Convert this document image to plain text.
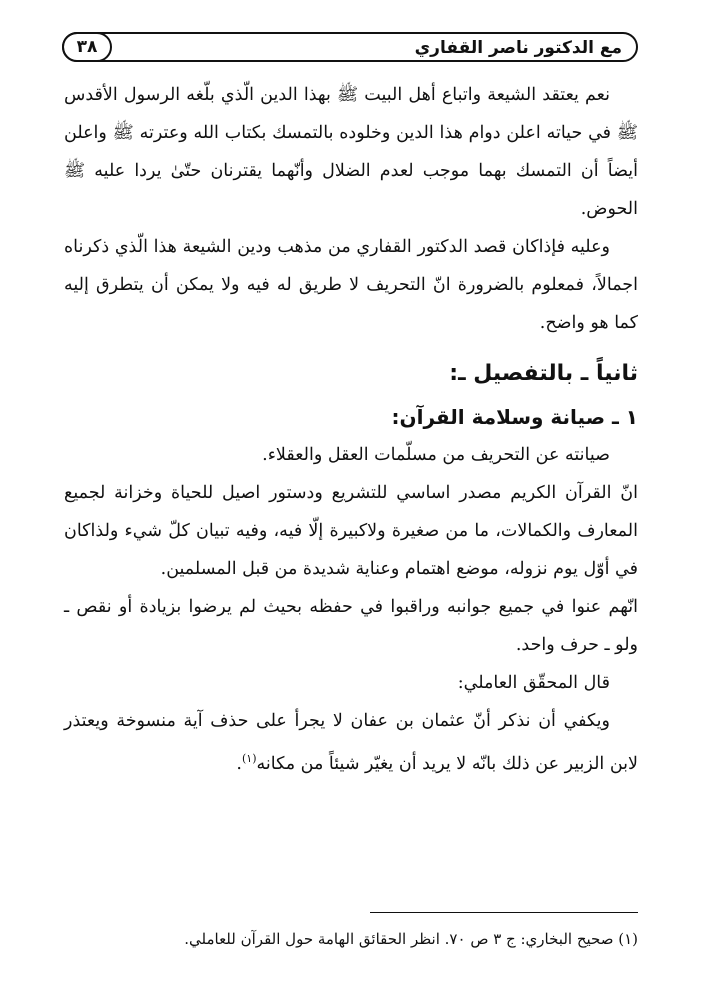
مع الدكتور ناصر القفاري
٣٨

نعم يعتقد الشيعة واتباع أهل البيت ﷺ بهذا الدين الّذي بلّغه الرسول الأقدس ﷺ في حياته اعلن دوام هذا الدين وخلوده بالتمسك بكتاب الله وعترته ﷺ واعلن أيضاً أن التمسك بهما موجب لعدم الضلال وأنّهما يقترنان حتّىٰ يردا عليه ﷺ الحوض.

وعليه فإذاكان قصد الدكتور القفاري من مذهب ودين الشيعة هذا الّذي ذكرناه اجمالاً، فمعلوم بالضرورة انّ التحريف لا طريق له فيه ولا يمكن أن يتطرق إليه كما هو واضح.

ثانياً ـ بالتفصيل ـ:
١ ـ صيانة وسلامة القرآن:

صيانته عن التحريف من مسلّمات العقل والعقلاء.

انّ القرآن الكريم مصدر اساسي للتشريع ودستور اصيل للحياة وخزانة لجميع المعارف والكمالات، ما من صغيرة ولاكبيرة إلّا فيه، وفيه تبيان كلّ شيء ولذاكان في أوّل يوم نزوله، موضع اهتمام وعناية شديدة من قبل المسلمين.

انّهم عنوا في جميع جوانبه وراقبوا في حفظه بحيث لم يرضوا بزيادة أو نقص ـ ولو ـ حرف واحد.

قال المحقّق العاملي:

ويكفي أن نذكر أنّ عثمان بن عفان لا يجرأ على حذف آية منسوخة ويعتذر لابن الزبير عن ذلك بانّه لا يريد أن يغيّر شيئاً من مكانه$^{(١)}$.

(١) صحيح البخاري: ج ٣ ص ٧٠. انظر الحقائق الهامة حول القرآن للعاملي.
